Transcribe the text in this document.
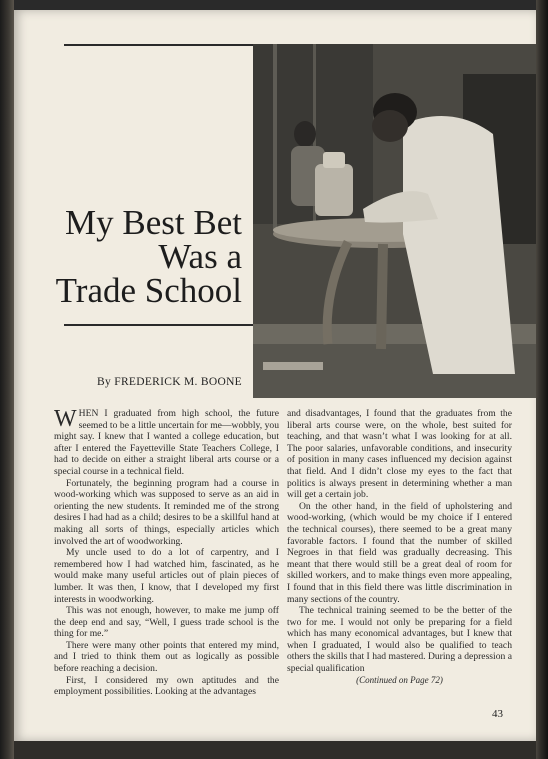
My Best Bet
Was a
Trade School
By FREDERICK M. BOONE

WHEN I graduated from high school, the future seemed to be a little uncertain for me—wobbly, you might say. I knew that I wanted a college education, but after I entered the Fayetteville State Teachers College, I had to decide on either a straight liberal arts course or a special course in a technical field.

Fortunately, the beginning program had a course in wood-working which was supposed to serve as an aid in orienting the new students. It reminded me of the strong desires I had had as a child; desires to be a skillful hand at making all sorts of things, especially articles which involved the art of woodworking.

My uncle used to do a lot of carpentry, and I remembered how I had watched him, fascinated, as he would make many useful articles out of plain pieces of lumber. It was then, I know, that I developed my first interests in woodworking.

This was not enough, however, to make me jump off the deep end and say, “Well, I guess trade school is the thing for me.”

There were many other points that entered my mind, and I tried to think them out as logically as possible before reaching a decision.

First, I considered my own aptitudes and the employment possibilities. Looking at the advantages

and disadvantages, I found that the graduates from the liberal arts course were, on the whole, best suited for teaching, and that wasn’t what I was looking for at all. The poor salaries, unfavorable conditions, and insecurity of position in many cases influenced my decision against that field. And I didn’t close my eyes to the fact that politics is always present in determining whether a man will get a certain job.

On the other hand, in the field of upholstering and wood-working, (which would be my choice if I entered the technical courses), there seemed to be a great many favorable factors. I found that the number of skilled Negroes in that field was gradually decreasing. This meant that there would still be a great deal of room for skilled workers, and to make things even more appealing, I found that in this field there was little discrimination in many sections of the country.

The technical training seemed to be the better of the two for me. I would not only be preparing for a field which has many economical advantages, but I knew that when I graduated, I would also be qualified to teach others the skills that I had mastered. During a depression a special qualification

(Continued on Page 72)

43
